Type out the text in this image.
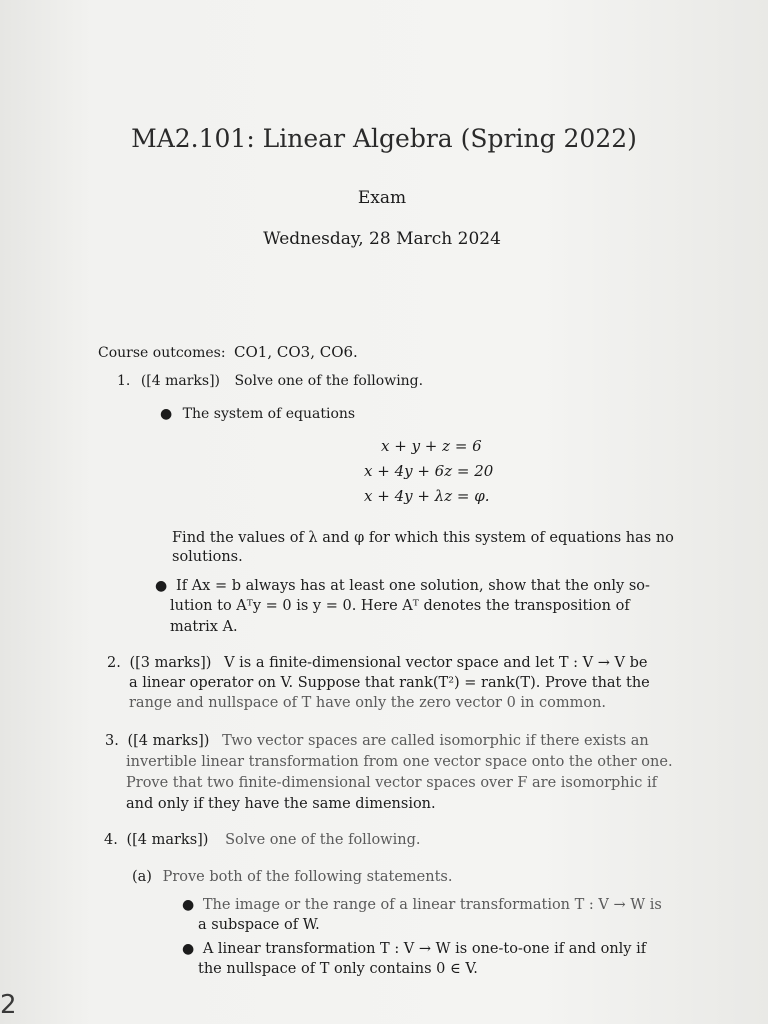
MA2.101: Linear Algebra (Spring 2022)
Exam
Wednesday, 28 March 2024
Course outcomes: CO1, CO3, CO6.
1. ([4 marks]) Solve one of the following.
● The system of equations
x + y + z = 6
x + 4y + 6z = 20
x + 4y + λz = φ.
Find the values of λ and φ for which this system of equations has no
solutions.
● If Ax = b always has at least one solution, show that the only so-
lution to Aᵀy = 0 is y = 0. Here Aᵀ denotes the transposition of
matrix A.
2. ([3 marks]) V is a finite-dimensional vector space and let T : V → V be
a linear operator on V. Suppose that rank(T²) = rank(T). Prove that the
range and nullspace of T have only the zero vector 0 in common.
3. ([4 marks]) Two vector spaces are called isomorphic if there exists an
invertible linear transformation from one vector space onto the other one.
Prove that two finite-dimensional vector spaces over F are isomorphic if
and only if they have the same dimension.
4. ([4 marks]) Solve one of the following.
(a) Prove both of the following statements.
● The image or the range of a linear transformation T : V → W is
a subspace of W.
● A linear transformation T : V → W is one-to-one if and only if
the nullspace of T only contains 0 ∈ V.
2
